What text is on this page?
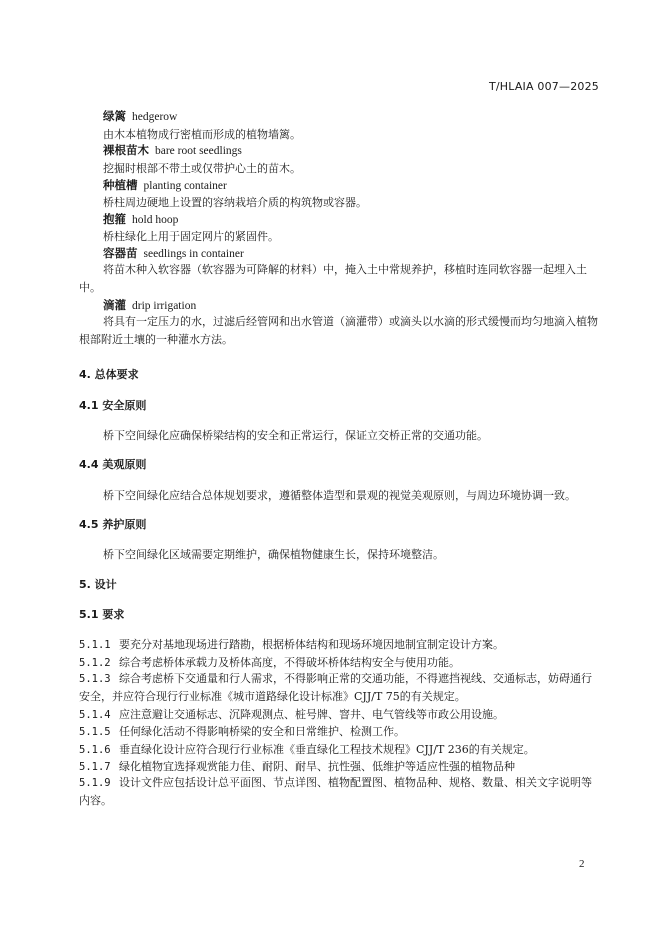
T/HLAIA 007—2025
绿篱 hedgerow
由木本植物成行密植而形成的植物墙篱。
裸根苗木 bare root seedlings
挖掘时根部不带土或仅带护心土的苗木。
种植槽 planting container
桥柱周边硬地上设置的容纳栽培介质的构筑物或容器。
抱箍 hold hoop
桥柱绿化上用于固定网片的紧固件。
容器苗 seedlings in container
将苗木种入软容器（软容器为可降解的材料）中，掩入土中常规养护，移植时连同软容器一起埋入土中。
滴灌 drip irrigation
将具有一定压力的水，过滤后经管网和出水管道（滴灌带）或滴头以水滴的形式缓慢而均匀地滴入植物根部附近土壤的一种灌水方法。
4. 总体要求
4.1 安全原则
桥下空间绿化应确保桥梁结构的安全和正常运行，保证立交桥正常的交通功能。
4.4 美观原则
桥下空间绿化应结合总体规划要求，遵循整体造型和景观的视觉美观原则，与周边环境协调一致。
4.5 养护原则
桥下空间绿化区域需要定期维护，确保植物健康生长，保持环境整洁。
5. 设计
5.1 要求
5.1.1 要充分对基地现场进行踏勘，根据桥体结构和现场环境因地制宜制定设计方案。
5.1.2 综合考虑桥体承载力及桥体高度，不得破坏桥体结构安全与使用功能。
5.1.3 综合考虑桥下交通量和行人需求，不得影响正常的交通功能，不得遮挡视线、交通标志，妨碍通行安全，并应符合现行行业标准《城市道路绿化设计标准》CJJ/T 75的有关规定。
5.1.4 应注意避让交通标志、沉降观测点、桩号牌、窨井、电气管线等市政公用设施。
5.1.5 任何绿化活动不得影响桥梁的安全和日常维护、检测工作。
5.1.6 垂直绿化设计应符合现行行业标准《垂直绿化工程技术规程》CJJ/T 236的有关规定。
5.1.7 绿化植物宜选择观赏能力佳、耐阴、耐旱、抗性强、低维护等适应性强的植物品种
5.1.9 设计文件应包括设计总平面图、节点详图、植物配置图、植物品种、规格、数量、相关文字说明等内容。
2
